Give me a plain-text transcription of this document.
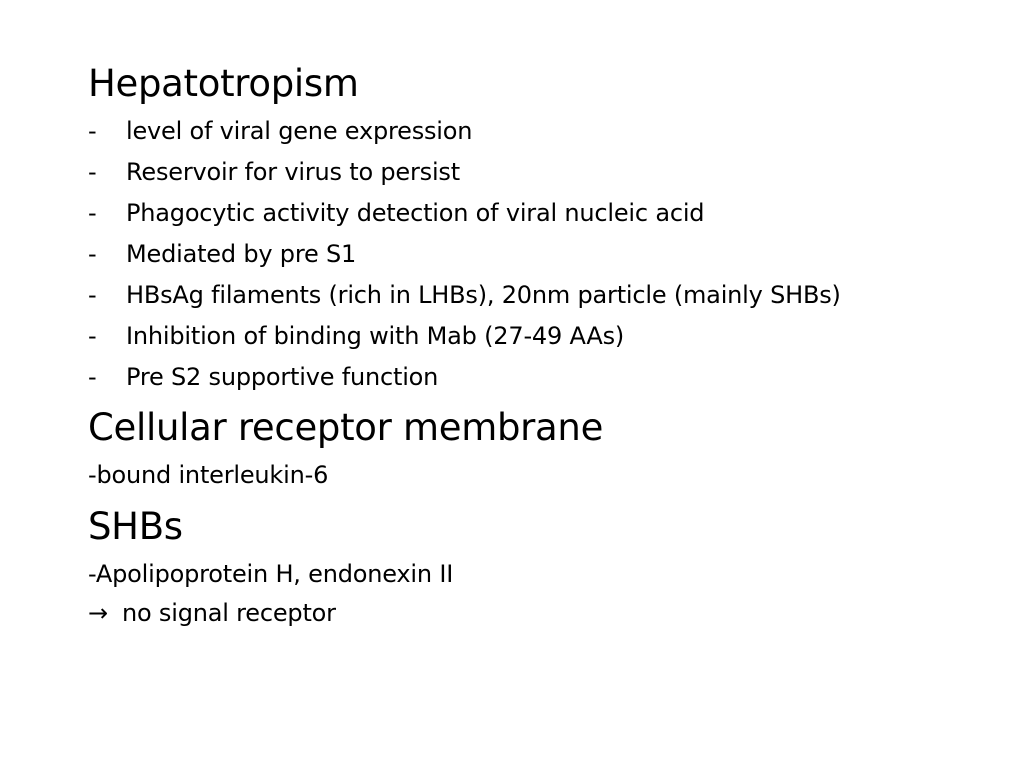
Hepatotropism
- level of viral gene expression
- Reservoir for virus to persist
- Phagocytic activity detection of viral nucleic acid
- Mediated by pre S1
- HBsAg filaments (rich in LHBs), 20nm particle (mainly SHBs)
- Inhibition of binding with Mab (27-49 AAs)
- Pre S2 supportive function
Cellular receptor membrane
-bound interleukin-6
SHBs
-Apolipoprotein H, endonexin II
→ no signal receptor
